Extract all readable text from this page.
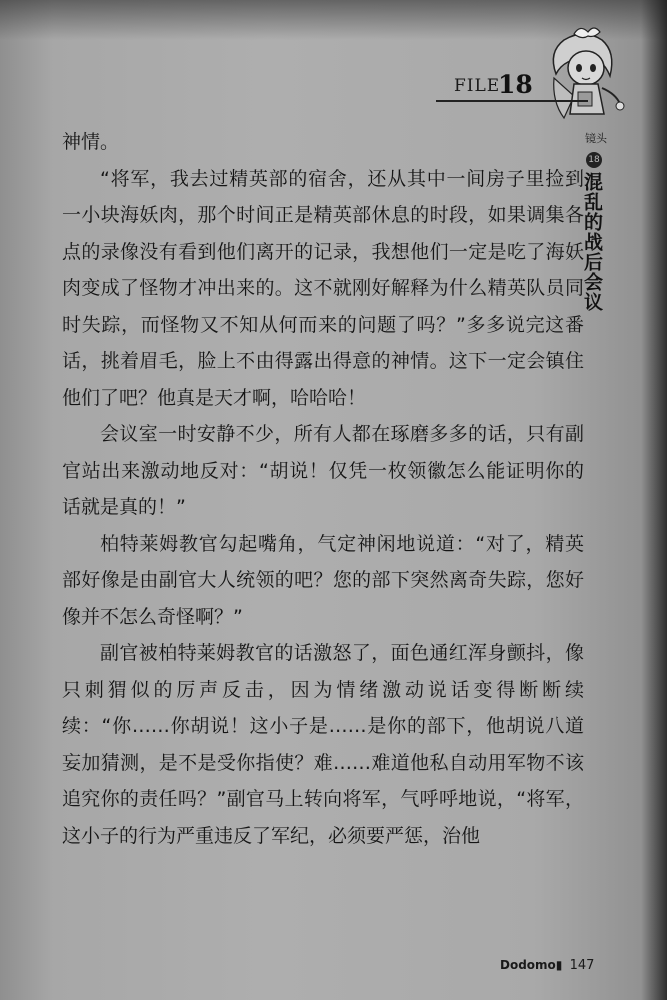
FILE
18
镜头
18
混乱的战后会议

神情。

“将军，我去过精英部的宿舍，还从其中一间房子里捡到一小块海妖肉，那个时间正是精英部休息的时段，如果调集各点的录像没有看到他们离开的记录，我想他们一定是吃了海妖肉变成了怪物才冲出来的。这不就刚好解释为什么精英队员同时失踪，而怪物又不知从何而来的问题了吗？”多多说完这番话，挑着眉毛，脸上不由得露出得意的神情。这下一定会镇住他们了吧？他真是天才啊，哈哈哈！

会议室一时安静不少，所有人都在琢磨多多的话，只有副官站出来激动地反对：“胡说！仅凭一枚领徽怎么能证明你的话就是真的！”

柏特莱姆教官勾起嘴角，气定神闲地说道：“对了，精英部好像是由副官大人统领的吧？您的部下突然离奇失踪，您好像并不怎么奇怪啊？”

副官被柏特莱姆教官的话激怒了，面色通红浑身颤抖，像只刺猬似的厉声反击，因为情绪激动说话变得断断续续：“你……你胡说！这小子是……是你的部下，他胡说八道妄加猜测，是不是受你指使？难……难道他私自动用军物不该追究你的责任吗？”副官马上转向将军，气呼呼地说，“将军，这小子的行为严重违反了军纪，必须要严惩，治他

Dodomo▮ 147
